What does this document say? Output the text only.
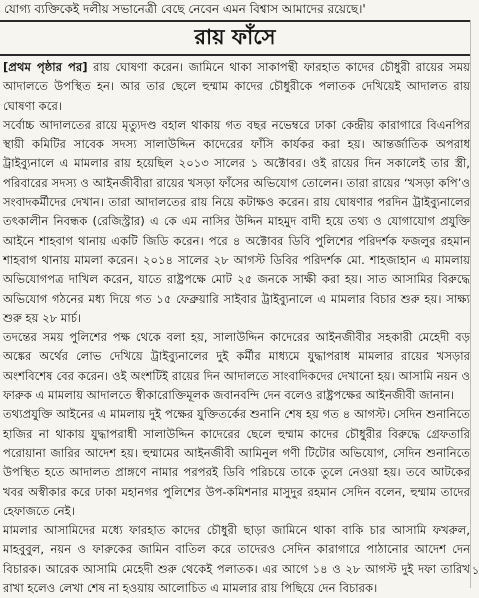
যোগ্য ব্যক্তিকেই দলীয় সভানেত্রী বেছে নেবেন এমন বিশ্বাস আমাদের রয়েছে।'
রায় ফাঁসে

[প্রথম পৃষ্ঠার পর] রায় ঘোষণা করেন। জামিনে থাকা সাকাপন্থী ফারহাত কাদের চৌধুরী রায়ের সময় আদালতে উপস্থিত হন। আর তার ছেলে হুম্মাম কাদের চৌধুরীকে পলাতক দেখিয়েই আদালত রায় ঘোষণা করে।

সর্বোচ্চ আদালতের রায়ে মৃত্যুদণ্ড বহাল থাকায় গত বছর নভেম্বরে ঢাকা কেন্দ্রীয় কারাগারে বিএনপির স্থায়ী কমিটির সাবেক সদস্য সালাউদ্দিন কাদেরের ফাঁসি কার্যকর করা হয়। আন্তর্জাতিক অপরাধ ট্রাইব্যুনালে এ মামলার রায় হয়েছিল ২০১৩ সালের ১ অক্টোবর। ওই রায়ের দিন সকালেই তার স্ত্রী, পরিবারের সদস্য ও আইনজীবীরা রায়ের খসড়া ফাঁসের অভিযোগ তোলেন। তারা রায়ের ‘খসড়া কপি’ও সংবাদকর্মীদের দেখান। তারা আদালতের রায় নিয়ে কটাক্ষও করেন। রায় ঘোষণার পরদিন ট্রাইব্যুনালের তৎকালীন নিবন্ধক (রেজিস্ট্রার) এ কে এম নাসির উদ্দিন মাহমুদ বাদী হয়ে তথ্য ও যোগাযোগ প্রযুক্তি আইনে শাহবাগ থানায় একটি জিডি করেন। পরে ৪ অক্টোবর ডিবি পুলিশের পরিদর্শক ফজলুর রহমান শাহবাগ থানায় মামলা করেন। ২০১৪ সালের ২৮ আগস্ট ডিবির পরিদর্শক মো. শাহজাহান এ মামলায় অভিযোগপত্র দাখিল করেন, যাতে রাষ্ট্রপক্ষে মোট ২৫ জনকে সাক্ষী করা হয়। সাত আসামির বিরুদ্ধে অভিযোগ গঠনের মধ্য দিয়ে গত ১৫ ফেব্রুয়ারি সাইবার ট্রাইব্যুনালে এ মামলার বিচার শুরু হয়। সাক্ষ্য শুরু হয় ২৮ মার্চ।

তদন্তের সময় পুলিশের পক্ষ থেকে বলা হয়, সালাউদ্দিন কাদেরের আইনজীবীর সহকারী মেহেদী বড় অঙ্কের অর্থের লোভ দেখিয়ে ট্রাইব্যুনালের দুই কর্মীর মাধ্যমে যুদ্ধাপরাধ মামলার রায়ের খসড়ার অংশবিশেষ বের করেন। ওই অংশটিই রায়ের দিন আদালতে সাংবাদিকদের দেখানো হয়। আসামি নয়ন ও ফারুক এ মামলায় আদালতে স্বীকারোক্তিমূলক জবানবন্দি দেন বলেও রাষ্ট্রপক্ষের আইনজীবী জানান।

তথ্যপ্রযুক্তি আইনের এ মামলায় দুই পক্ষের যুক্তিতর্কের শুনানি শেষ হয় গত ৪ আগস্ট। সেদিন শুনানিতে হাজির না থাকায় যুদ্ধাপরাধী সালাউদ্দিন কাদেরের ছেলে হুম্মাম কাদের চৌধুরীর বিরুদ্ধে গ্রেফতারি পরোয়ানা জারির আদেশ হয়। হুম্মামের আইনজীবী আমিনুল গণী টিটোর অভিযোগ, সেদিন শুনানিতে উপস্থিত হতে আদালত প্রাঙ্গণে নামার পরপরই ডিবি পরিচয়ে তাকে তুলে নেওয়া হয়। তবে আটকের খবর অস্বীকার করে ঢাকা মহানগর পুলিশের উপ-কমিশনার মাসুদুর রহমান সেদিন বলেন, হুম্মাম তাদের হেফাজতে নেই।

মামলার আসামিদের মধ্যে ফারহাত কাদের চৌধুরী ছাড়া জামিনে থাকা বাকি চার আসামি ফখরুল, মাহবুবুল, নয়ন ও ফারুকের জামিন বাতিল করে তাদেরও সেদিন কারাগারে পাঠানোর আদেশ দেন বিচারক। আরেক আসামি মেহেদী শুরু থেকেই পলাতক। এর আগে ১৪ ও ২৮ আগস্ট দুই দফা তারিখ রাখা হলেও লেখা শেষ না হওয়ায় আলোচিত এ মামলার রায় পিছিয়ে দেন বিচারক।

১
